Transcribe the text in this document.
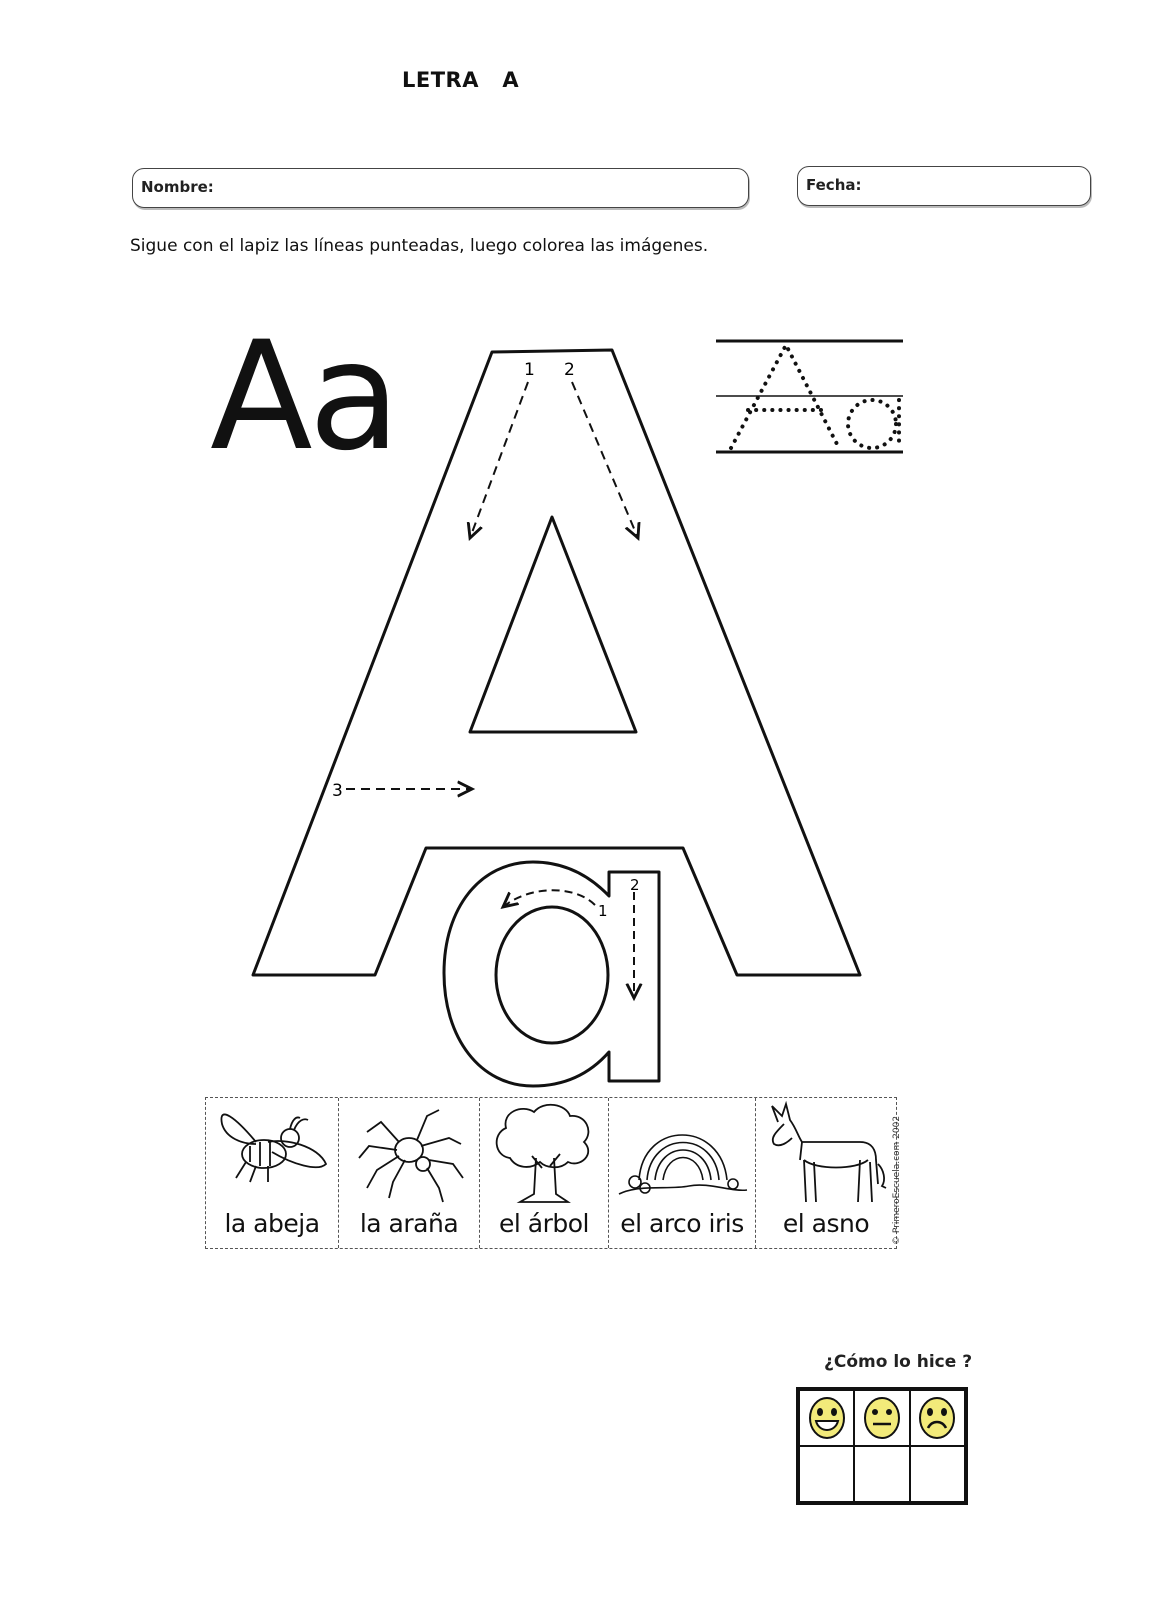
LETRA   A
Nombre:	Fecha:
Sigue con el lapiz las líneas punteadas, luego colorea las imágenes.
Aa	1 2
3
1
2
la abeja	la araña	el árbol	el arco iris	el asno	© PrimeroEscuela.com 2002
¿Cómo lo hice ?
